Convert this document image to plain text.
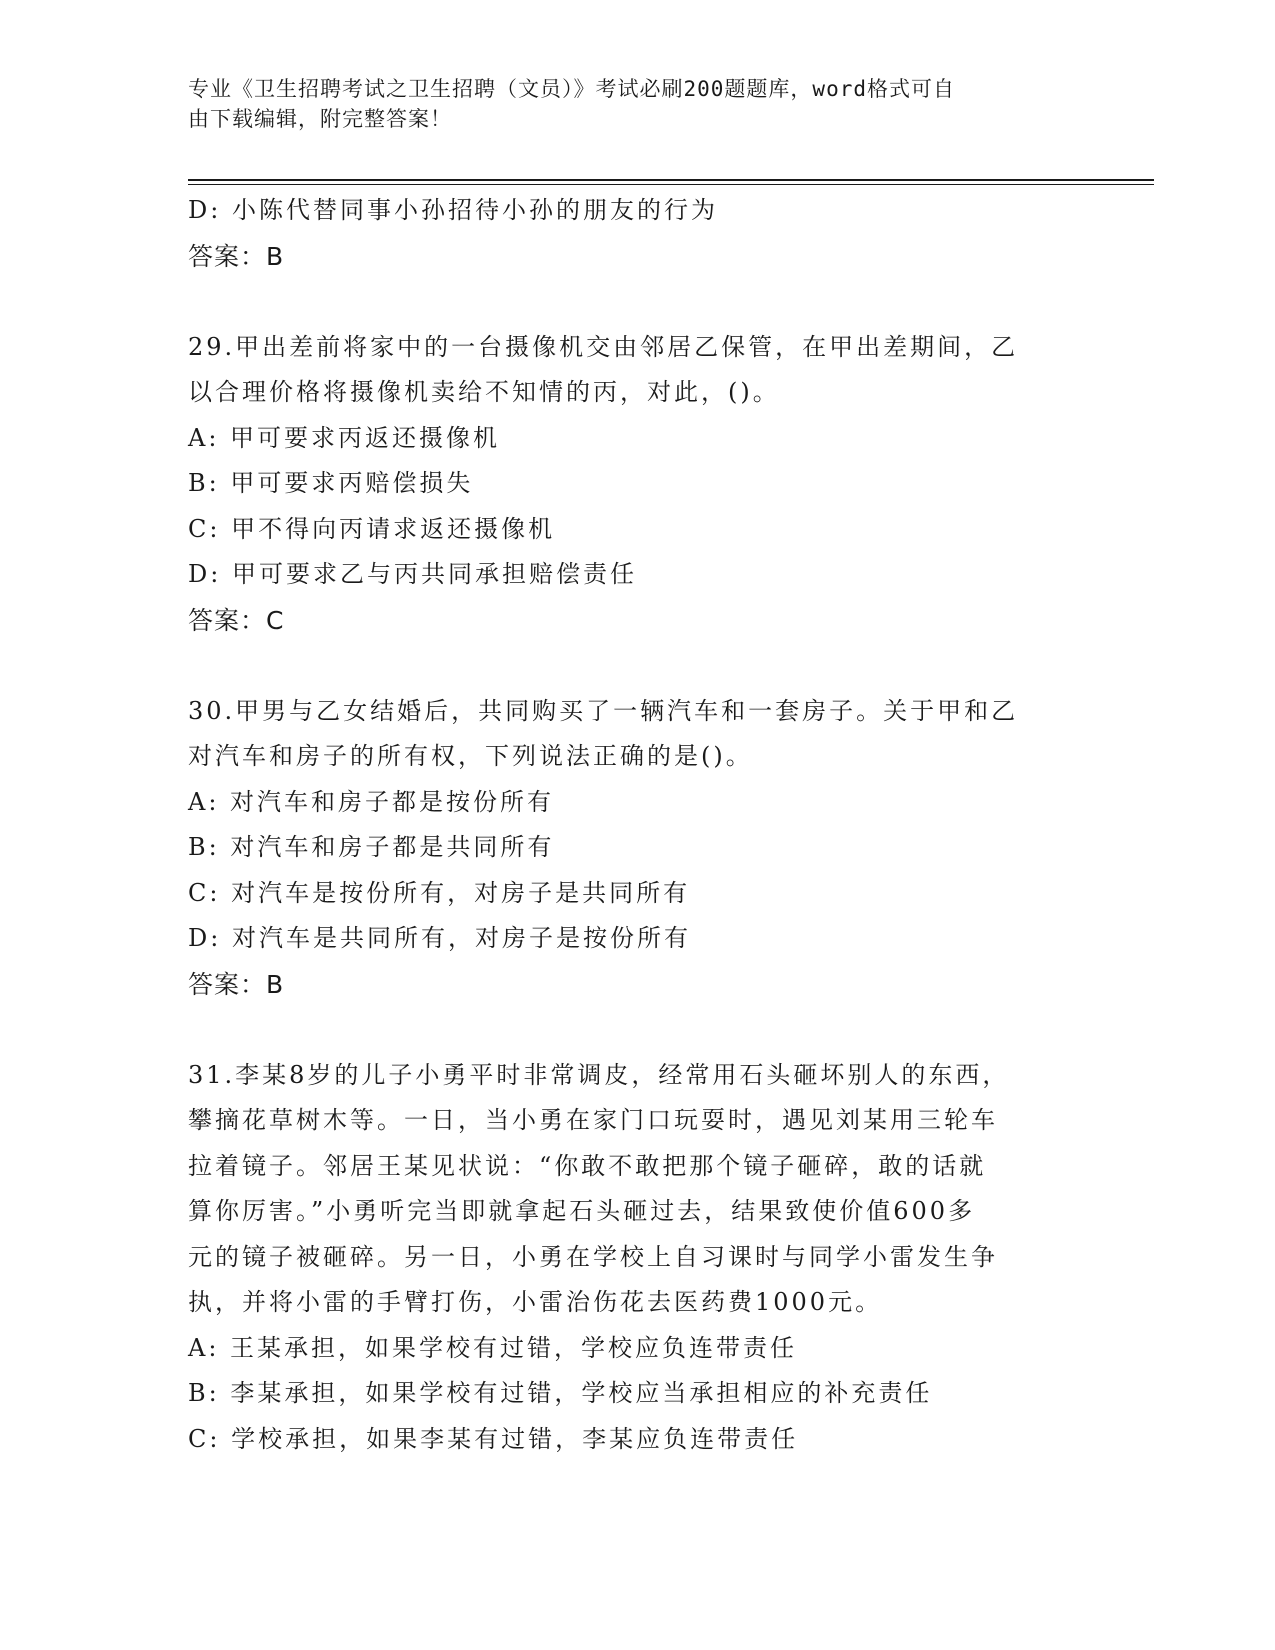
专业《卫生招聘考试之卫生招聘（文员）》考试必刷200题题库，word格式可自
由下载编辑，附完整答案！
D: 小陈代替同事小孙招待小孙的朋友的行为
答案：B
29.甲出差前将家中的一台摄像机交由邻居乙保管，在甲出差期间，乙
以合理价格将摄像机卖给不知情的丙，对此，()。
A: 甲可要求丙返还摄像机
B: 甲可要求丙赔偿损失
C: 甲不得向丙请求返还摄像机
D: 甲可要求乙与丙共同承担赔偿责任
答案：C
30.甲男与乙女结婚后，共同购买了一辆汽车和一套房子。关于甲和乙
对汽车和房子的所有权，下列说法正确的是()。
A: 对汽车和房子都是按份所有
B: 对汽车和房子都是共同所有
C: 对汽车是按份所有，对房子是共同所有
D: 对汽车是共同所有，对房子是按份所有
答案：B
31.李某8岁的儿子小勇平时非常调皮，经常用石头砸坏别人的东西，
攀摘花草树木等。一日，当小勇在家门口玩耍时，遇见刘某用三轮车
拉着镜子。邻居王某见状说：“你敢不敢把那个镜子砸碎，敢的话就
算你厉害。”小勇听完当即就拿起石头砸过去，结果致使价值600多
元的镜子被砸碎。另一日，小勇在学校上自习课时与同学小雷发生争
执，并将小雷的手臂打伤，小雷治伤花去医药费1000元。
A: 王某承担，如果学校有过错，学校应负连带责任
B: 李某承担，如果学校有过错，学校应当承担相应的补充责任
C: 学校承担，如果李某有过错，李某应负连带责任
